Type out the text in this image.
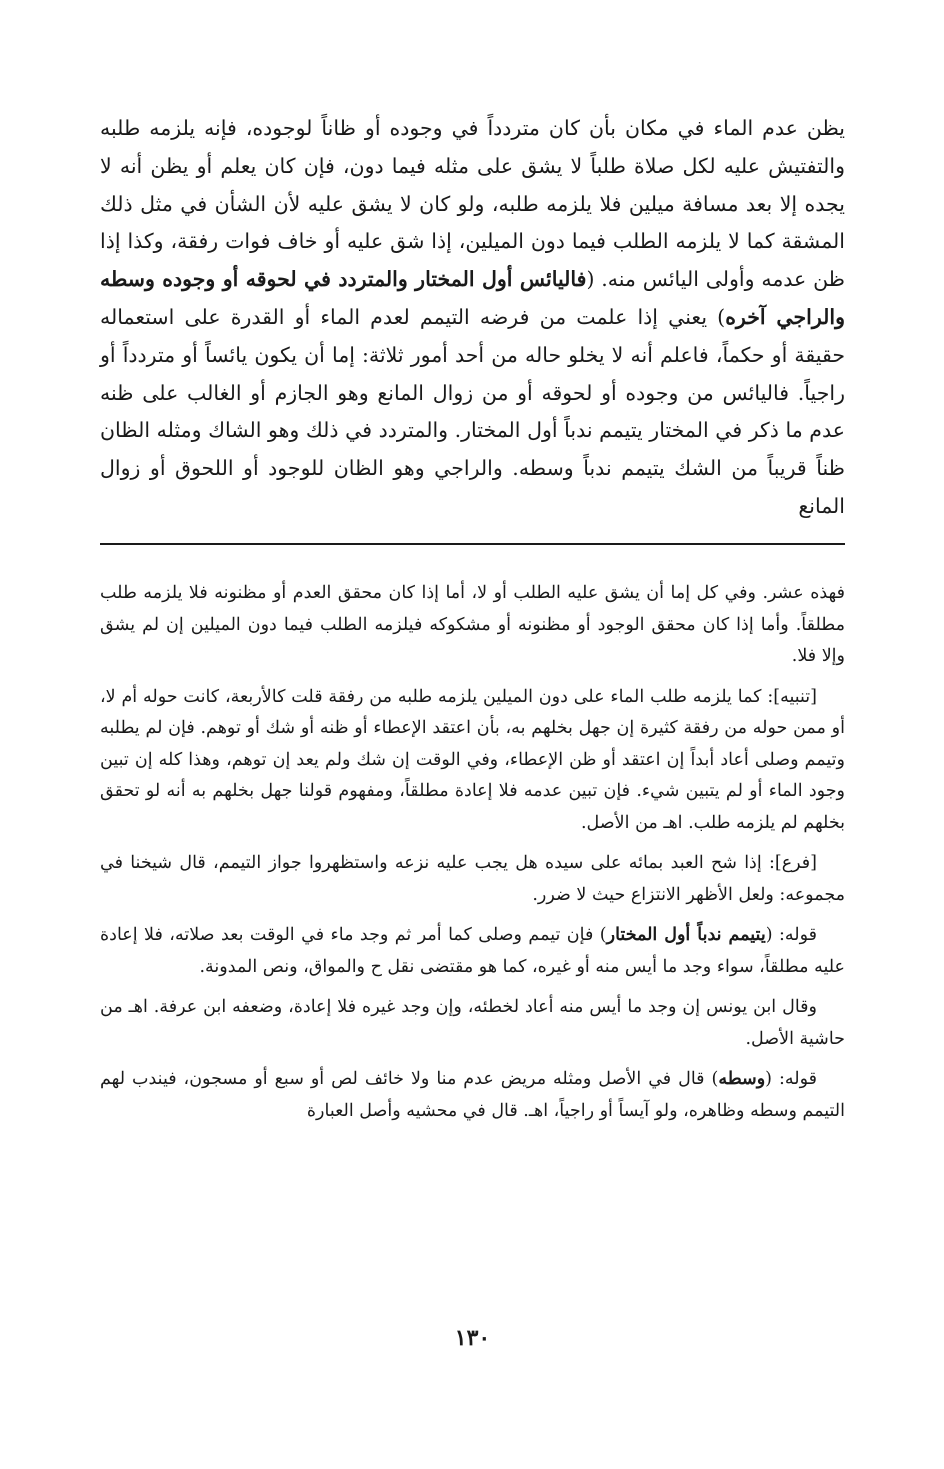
يظن عدم الماء في مكان بأن كان متردداً في وجوده أو ظاناً لوجوده، فإنه يلزمه طلبه والتفتيش عليه لكل صلاة طلباً لا يشق على مثله فيما دون، فإن كان يعلم أو يظن أنه لا يجده إلا بعد مسافة ميلين فلا يلزمه طلبه، ولو كان لا يشق عليه لأن الشأن في مثل ذلك المشقة كما لا يلزمه الطلب فيما دون الميلين، إذا شق عليه أو خاف فوات رفقة، وكذا إذا ظن عدمه وأولى اليائس منه. (فاليائس أول المختار والمتردد في لحوقه أو وجوده وسطه والراجي آخره) يعني إذا علمت من فرضه التيمم لعدم الماء أو القدرة على استعماله حقيقة أو حكماً، فاعلم أنه لا يخلو حاله من أحد أمور ثلاثة: إما أن يكون يائساً أو متردداً أو راجياً. فاليائس من وجوده أو لحوقه أو من زوال المانع وهو الجازم أو الغالب على ظنه عدم ما ذكر في المختار يتيمم ندباً أول المختار. والمتردد في ذلك وهو الشاك ومثله الظان ظناً قريباً من الشك يتيمم ندباً وسطه. والراجي وهو الظان للوجود أو اللحوق أو زوال المانع

فهذه عشر. وفي كل إما أن يشق عليه الطلب أو لا، أما إذا كان محقق العدم أو مظنونه فلا يلزمه طلب مطلقاً. وأما إذا كان محقق الوجود أو مظنونه أو مشكوكه فيلزمه الطلب فيما دون الميلين إن لم يشق وإلا فلا.

[تنبيه]: كما يلزمه طلب الماء على دون الميلين يلزمه طلبه من رفقة قلت كالأربعة، كانت حوله أم لا، أو ممن حوله من رفقة كثيرة إن جهل بخلهم به، بأن اعتقد الإعطاء أو ظنه أو شك أو توهم. فإن لم يطلبه وتيمم وصلى أعاد أبداً إن اعتقد أو ظن الإعطاء، وفي الوقت إن شك ولم يعد إن توهم، وهذا كله إن تبين وجود الماء أو لم يتبين شيء. فإن تبين عدمه فلا إعادة مطلقاً، ومفهوم قولنا جهل بخلهم به أنه لو تحقق بخلهم لم يلزمه طلب. اهـ من الأصل.

[فرع]: إذا شح العبد بمائه على سيده هل يجب عليه نزعه واستظهروا جواز التيمم، قال شيخنا في مجموعه: ولعل الأظهر الانتزاع حيث لا ضرر.

قوله: (يتيمم ندباً أول المختار) فإن تيمم وصلى كما أمر ثم وجد ماء في الوقت بعد صلاته، فلا إعادة عليه مطلقاً، سواء وجد ما أيس منه أو غيره، كما هو مقتضى نقل ح والمواق، ونص المدونة.

وقال ابن يونس إن وجد ما أيس منه أعاد لخطئه، وإن وجد غيره فلا إعادة، وضعفه ابن عرفة. اهـ من حاشية الأصل.

قوله: (وسطه) قال في الأصل ومثله مريض عدم منا ولا خائف لص أو سبع أو مسجون، فيندب لهم التيمم وسطه وظاهره، ولو آيساً أو راجياً، اهـ. قال في محشيه وأصل العبارة

١٣٠
